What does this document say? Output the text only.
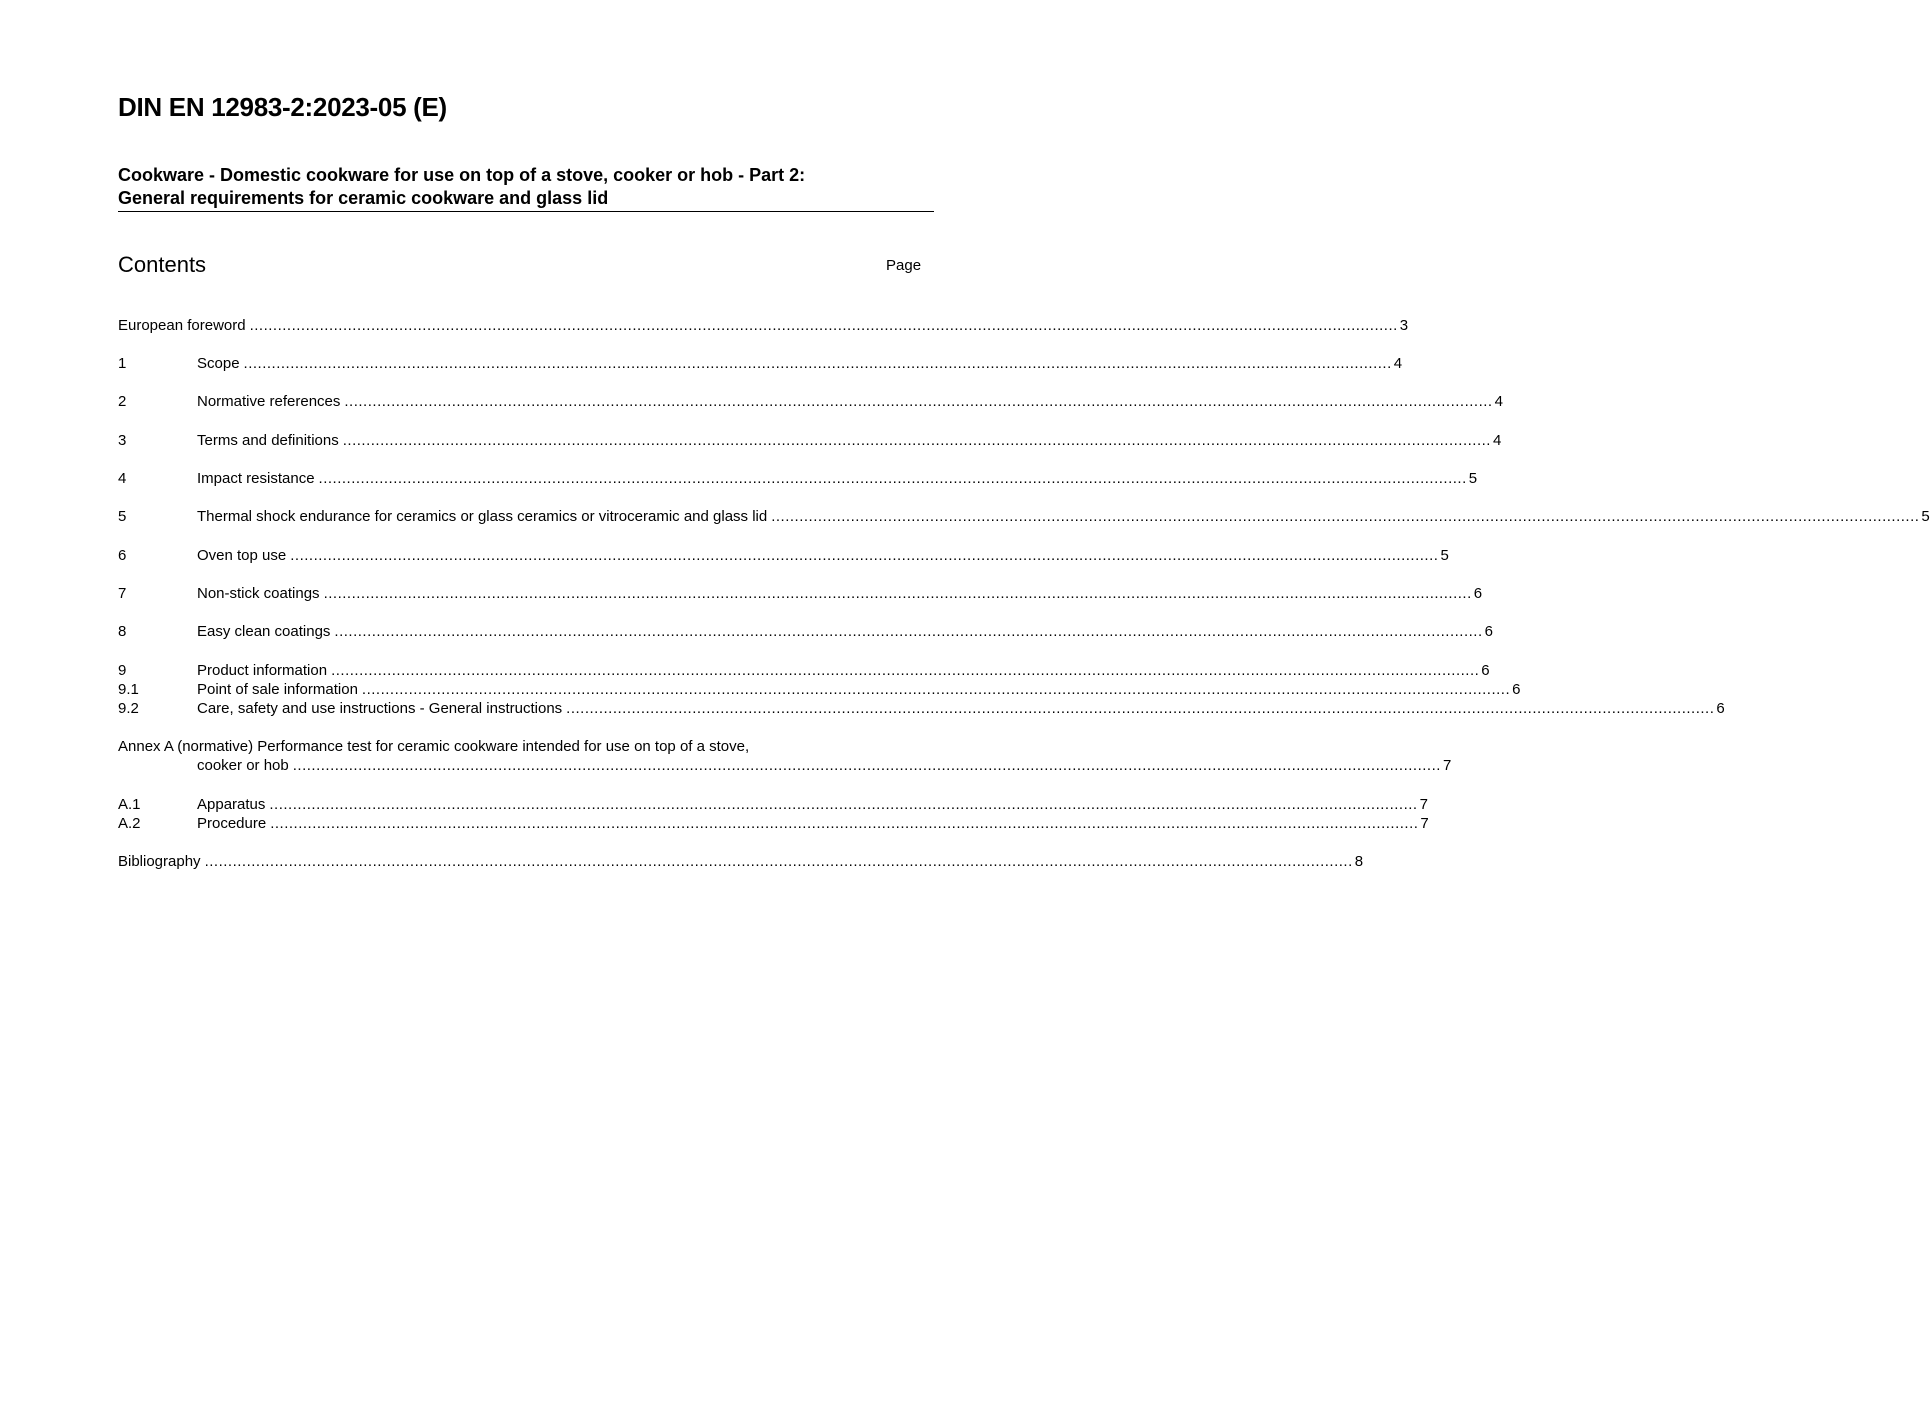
DIN EN 12983-2:2023-05 (E)
Cookware - Domestic cookware for use on top of a stove, cooker or hob - Part 2:
General requirements for ceramic cookware and glass lid
Contents	Page
European foreword ...................................................................................................................................................................................................................................................... 3
1	Scope ...................................................................................................................................................................................................................................................... 4
2	Normative references ...................................................................................................................................................................................................................................................... 4
3	Terms and definitions ...................................................................................................................................................................................................................................................... 4
4	Impact resistance ...................................................................................................................................................................................................................................................... 5
5	Thermal shock endurance for ceramics or glass ceramics or vitroceramic and glass lid ...................................................................................................................................................................................................................................................... 5
6	Oven top use ...................................................................................................................................................................................................................................................... 5
7	Non-stick coatings ...................................................................................................................................................................................................................................................... 6
8	Easy clean coatings ...................................................................................................................................................................................................................................................... 6
9	Product information ...................................................................................................................................................................................................................................................... 6
9.1	Point of sale information ...................................................................................................................................................................................................................................................... 6
9.2	Care, safety and use instructions - General instructions ...................................................................................................................................................................................................................................................... 6
Annex A (normative) Performance test for ceramic cookware intended for use on top of a stove,
cooker or hob ...................................................................................................................................................................................................................................................... 7
A.1	Apparatus ...................................................................................................................................................................................................................................................... 7
A.2	Procedure ...................................................................................................................................................................................................................................................... 7
Bibliography ...................................................................................................................................................................................................................................................... 8
